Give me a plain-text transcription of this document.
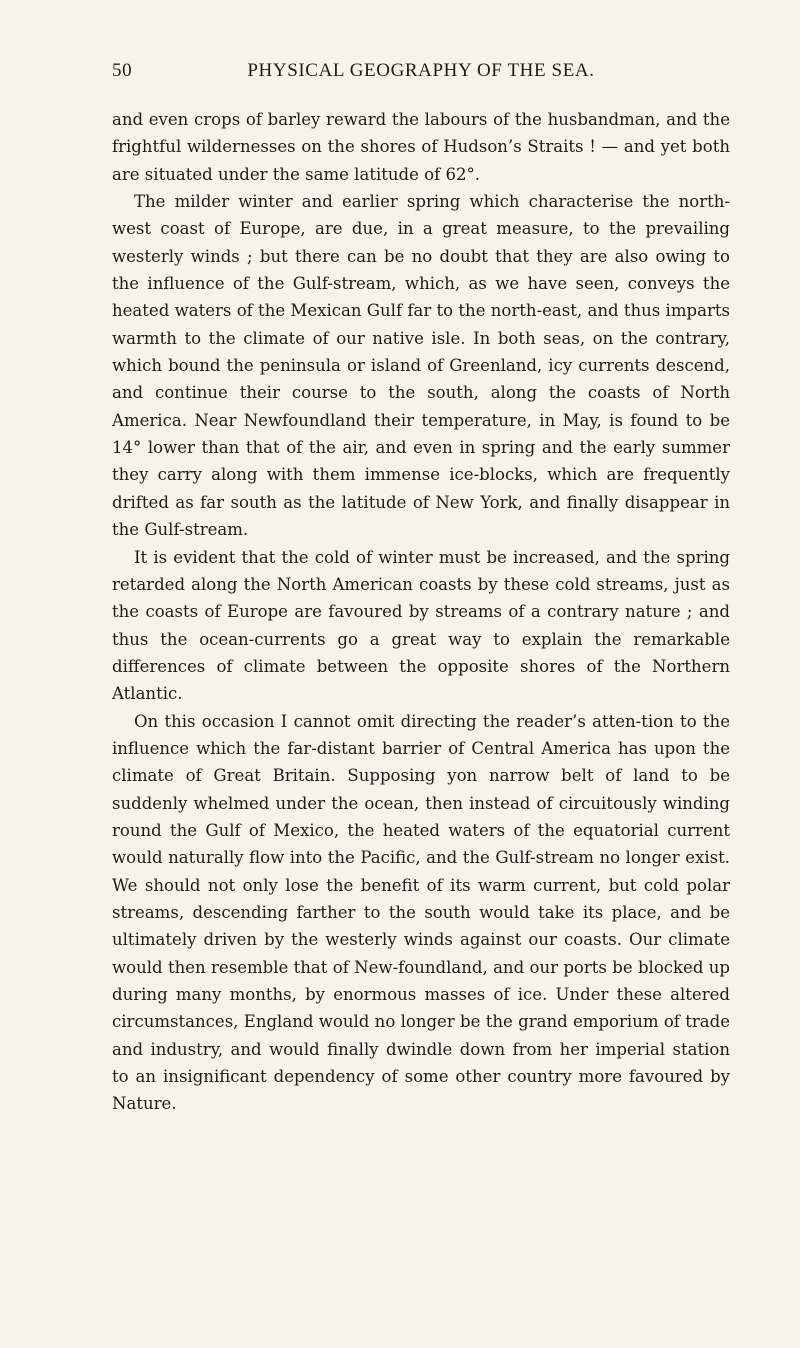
50	PHYSICAL GEOGRAPHY OF THE SEA.

and even crops of barley reward the labours of the husbandman, and the frightful wildernesses on the shores of Hudson’s Straits ! — and yet both are situated under the same latitude of 62°.

The milder winter and earlier spring which characterise the north-west coast of Europe, are due, in a great measure, to the prevailing westerly winds ; but there can be no doubt that they are also owing to the influence of the Gulf-stream, which, as we have seen, conveys the heated waters of the Mexican Gulf far to the north-east, and thus imparts warmth to the climate of our native isle. In both seas, on the contrary, which bound the peninsula or island of Greenland, icy currents descend, and continue their course to the south, along the coasts of North America. Near Newfoundland their temperature, in May, is found to be 14° lower than that of the air, and even in spring and the early summer they carry along with them immense ice-blocks, which are frequently drifted as far south as the latitude of New York, and finally disappear in the Gulf-stream.

It is evident that the cold of winter must be increased, and the spring retarded along the North American coasts by these cold streams, just as the coasts of Europe are favoured by streams of a contrary nature ; and thus the ocean-currents go a great way to explain the remarkable differences of climate between the opposite shores of the Northern Atlantic.

On this occasion I cannot omit directing the reader’s atten-tion to the influence which the far-distant barrier of Central America has upon the climate of Great Britain. Supposing yon narrow belt of land to be suddenly whelmed under the ocean, then instead of circuitously winding round the Gulf of Mexico, the heated waters of the equatorial current would naturally flow into the Pacific, and the Gulf-stream no longer exist. We should not only lose the benefit of its warm current, but cold polar streams, descending farther to the south would take its place, and be ultimately driven by the westerly winds against our coasts. Our climate would then resemble that of New-foundland, and our ports be blocked up during many months, by enormous masses of ice. Under these altered circumstances, England would no longer be the grand emporium of trade and industry, and would finally dwindle down from her imperial station to an insignificant dependency of some other country more favoured by Nature.
